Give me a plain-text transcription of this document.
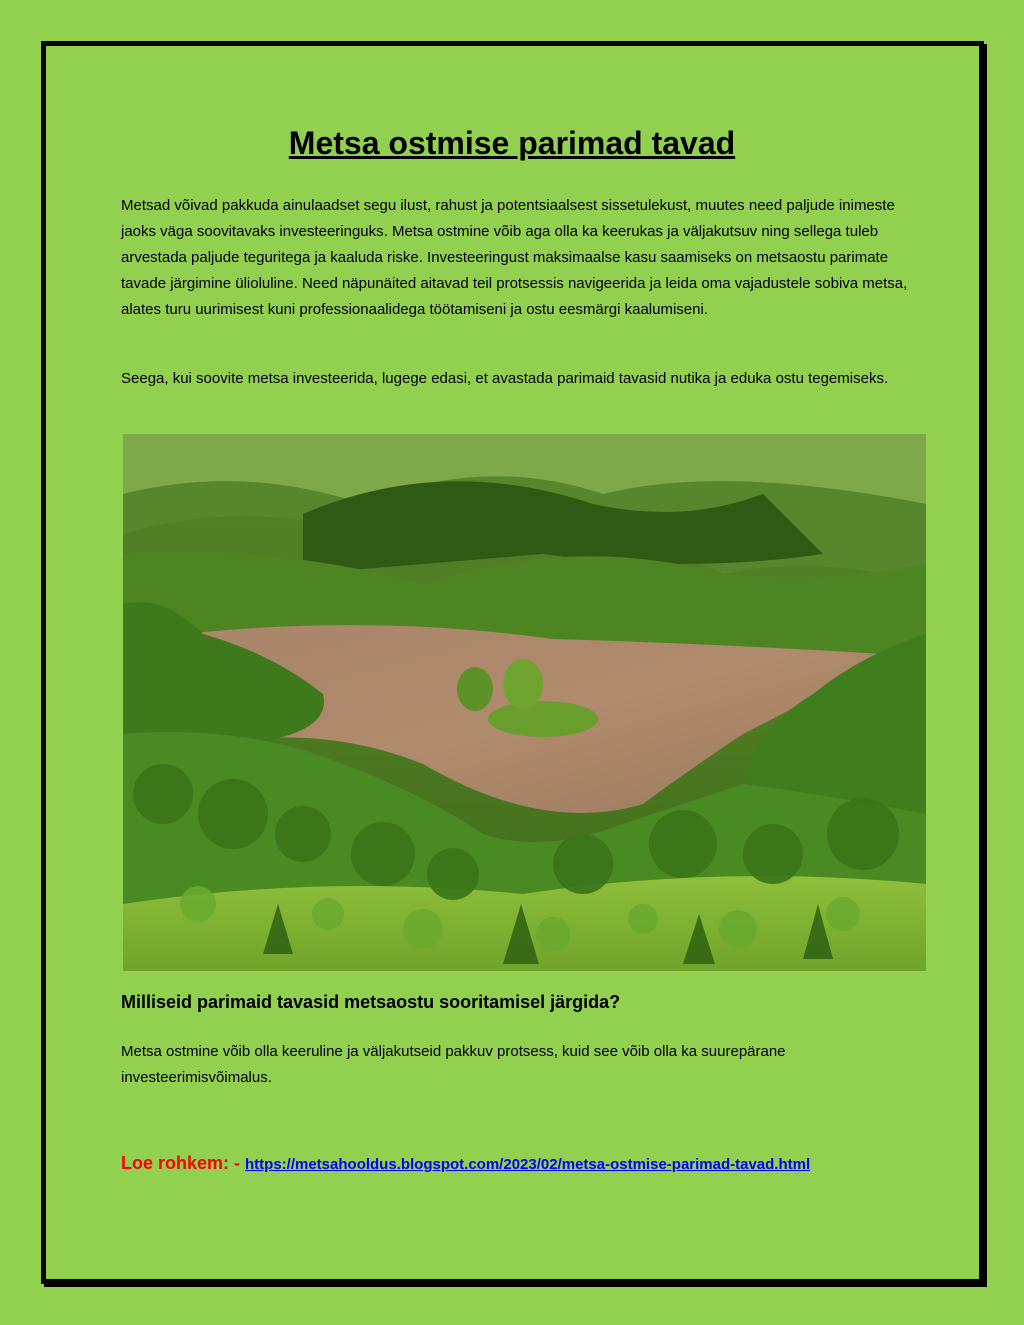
Metsa ostmise parimad tavad

Metsad võivad pakkuda ainulaadset segu ilust, rahust ja potentsiaalsest sissetulekust, muutes need paljude inimeste jaoks väga soovitavaks investeeringuks. Metsa ostmine võib aga olla ka keerukas ja väljakutsuv ning sellega tuleb arvestada paljude teguritega ja kaaluda riske. Investeeringust maksimaalse kasu saamiseks on metsaostu parimate tavade järgimine ülioluline. Need näpunäited aitavad teil protsessis navigeerida ja leida oma vajadustele sobiva metsa, alates turu uurimisest kuni professionaalidega töötamiseni ja ostu eesmärgi kaalumiseni.

Seega, kui soovite metsa investeerida, lugege edasi, et avastada parimaid tavasid nutika ja eduka ostu tegemiseks.

Milliseid parimaid tavasid metsaostu sooritamisel järgida?

Metsa ostmine võib olla keeruline ja väljakutseid pakkuv protsess, kuid see võib olla ka suurepärane investeerimisvõimalus.

Loe rohkem: - https://metsahooldus.blogspot.com/2023/02/metsa-ostmise-parimad-tavad.html
